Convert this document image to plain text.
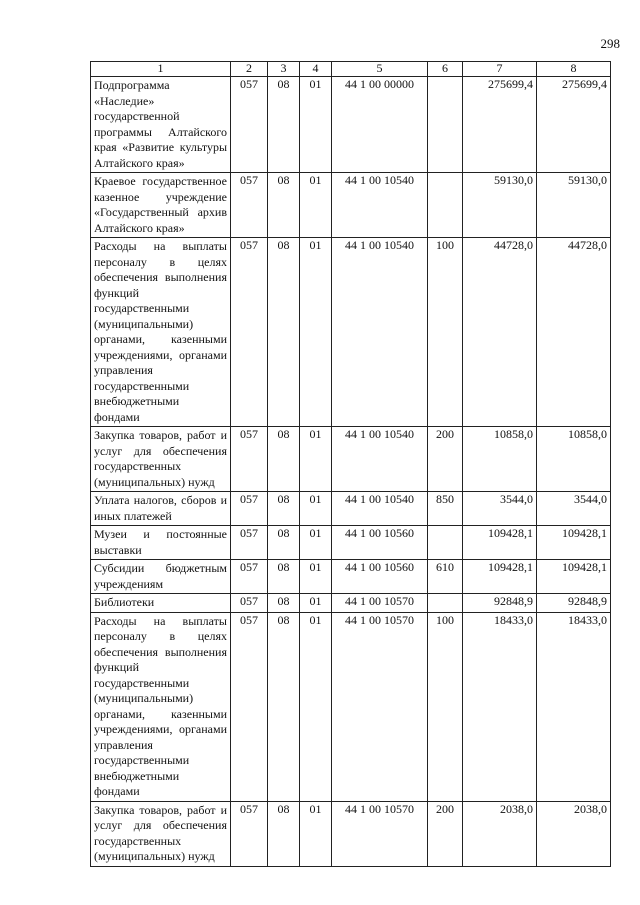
298
1	2	3	4	5	6	7	8
Подпрограмма «Наследие» государственной программы Алтайского края «Развитие культуры Алтайского края»	057	08	01	44 1 00 00000		275699,4	275699,4
Краевое государственное казенное учреждение «Государственный архив Алтайского края»	057	08	01	44 1 00 10540		59130,0	59130,0
Расходы на выплаты персоналу в целях обеспечения выполнения функций государственными (муниципальными) органами, казенными учреждениями, органами управления государственными внебюджетными фондами	057	08	01	44 1 00 10540	100	44728,0	44728,0
Закупка товаров, работ и услуг для обеспечения государственных (муниципальных) нужд	057	08	01	44 1 00 10540	200	10858,0	10858,0
Уплата налогов, сборов и иных платежей	057	08	01	44 1 00 10540	850	3544,0	3544,0
Музеи и постоянные выставки	057	08	01	44 1 00 10560		109428,1	109428,1
Субсидии бюджетным учреждениям	057	08	01	44 1 00 10560	610	109428,1	109428,1
Библиотеки	057	08	01	44 1 00 10570		92848,9	92848,9
Расходы на выплаты персоналу в целях обеспечения выполнения функций государственными (муниципальными) органами, казенными учреждениями, органами управления государственными внебюджетными фондами	057	08	01	44 1 00 10570	100	18433,0	18433,0
Закупка товаров, работ и услуг для обеспечения государственных (муниципальных) нужд	057	08	01	44 1 00 10570	200	2038,0	2038,0
